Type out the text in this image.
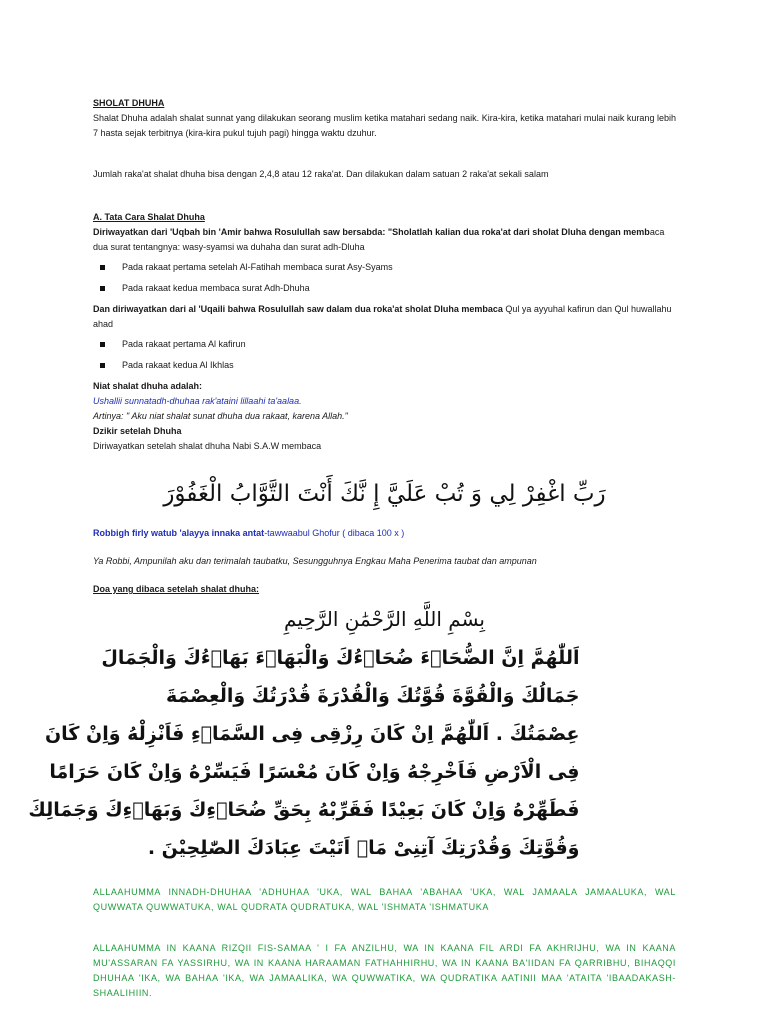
SHOLAT DHUHA

Shalat Dhuha adalah shalat sunnat yang dilakukan seorang muslim ketika matahari sedang naik. Kira-kira, ketika matahari mulai naik kurang lebih 7 hasta sejak terbitnya (kira-kira pukul tujuh pagi) hingga waktu dzuhur.

Jumlah raka'at shalat dhuha bisa dengan 2,4,8 atau 12 raka'at. Dan dilakukan dalam satuan 2 raka'at sekali salam

A. Tata Cara Shalat Dhuha

Diriwayatkan dari 'Uqbah bin 'Amir bahwa Rosulullah saw bersabda: "Sholatlah kalian dua roka'at dari sholat Dluha dengan membaca dua surat tentangnya: wasy-syamsi wa duhaha dan surat adh-Dluha

Pada rakaat pertama setelah Al-Fatihah membaca surat Asy-Syams
Pada rakaat kedua membaca surat Adh-Dhuha

Dan diriwayatkan dari al 'Uqaili bahwa Rosulullah saw dalam dua roka'at sholat Dluha membaca Qul ya ayyuhal kafirun dan Qul huwallahu ahad

Pada rakaat pertama Al kafirun
Pada rakaat kedua Al Ikhlas

Niat shalat dhuha adalah:

Ushallii sunnatadh-dhuhaa rak'ataini lillaahi ta'aalaa.

Artinya: " Aku niat shalat sunat dhuha dua rakaat, karena Allah."

Dzikir setelah Dhuha

Diriwayatkan setelah shalat dhuha Nabi S.A.W membaca

رَبِّ اغْفِرْ لِي وَ تُبْ عَلَيَّ إِ نَّكَ أَنْتَ التَّوَّابُ الْغَفُوْرَ

Robbigh firly watub 'alayya innaka antat-tawwaabul Ghofur ( dibaca 100 x )

Ya Robbi, Ampunilah aku dan terimalah taubatku, Sesungguhnya Engkau Maha Penerima taubat dan ampunan

Doa yang dibaca setelah shalat dhuha:

بِسْمِ اللَّهِ الرَّحْمَٰنِ الرَّحِيمِ
اَللّٰهُمَّ اِنَّ الضُّحَاۤءَ ضُحَاۤءُكَ وَالْبَهَاۤءَ بَهَاۤءُكَ وَالْجَمَالَ
جَمَالُكَ وَالْقُوَّةَ قُوَّتُكَ وَالْقُدْرَةَ قُدْرَتُكَ وَالْعِصْمَةَ
عِصْمَتُكَ . اَللّٰهُمَّ اِنْ كَانَ رِزْقِى فِى السَّمَاۤءِ فَاَنْزِلْهُ وَاِنْ كَانَ
فِى الْاَرْضِ فَاَخْرِجْهُ وَاِنْ كَانَ مُعْسَرًا فَيَسِّرْهُ وَاِنْ كَانَ حَرَامًا
فَطَهِّرْهُ وَاِنْ كَانَ بَعِيْدًا فَقَرِّبْهُ بِحَقِّ ضُحَاۤءِكَ وَبَهَاۤءِكَ وَجَمَالِكَ
وَقُوَّتِكَ وَقُدْرَتِكَ آتِنِىْ مَاۤ اَتَيْتَ عِبَادَكَ الصّٰلِحِيْنَ .

ALLAAHUMMA INNADH-DHUHAA 'ADHUHAA 'UKA, WAL BAHAA 'ABAHAA 'UKA, WAL JAMAALA JAMAALUKA, WAL QUWWATA QUWWATUKA, WAL QUDRATA QUDRATUKA, WAL 'ISHMATA 'ISHMATUKA

ALLAAHUMMA IN KAANA RIZQII FIS-SAMAA ' I FA ANZILHU, WA IN KAANA FIL ARDI FA AKHRIJHU, WA IN KAANA MU'ASSARAN FA YASSIRHU, WA IN KAANA HARAAMAN FATHAHHIRHU, WA IN KAANA BA'IIDAN FA QARRIBHU, BIHAQQI DHUHAA 'IKA, WA BAHAA 'IKA, WA JAMAALIKA, WA QUWWATIKA, WA QUDRATIKA AATINII MAA 'ATAITA 'IBAADAKASH-SHAALIHIIN.
